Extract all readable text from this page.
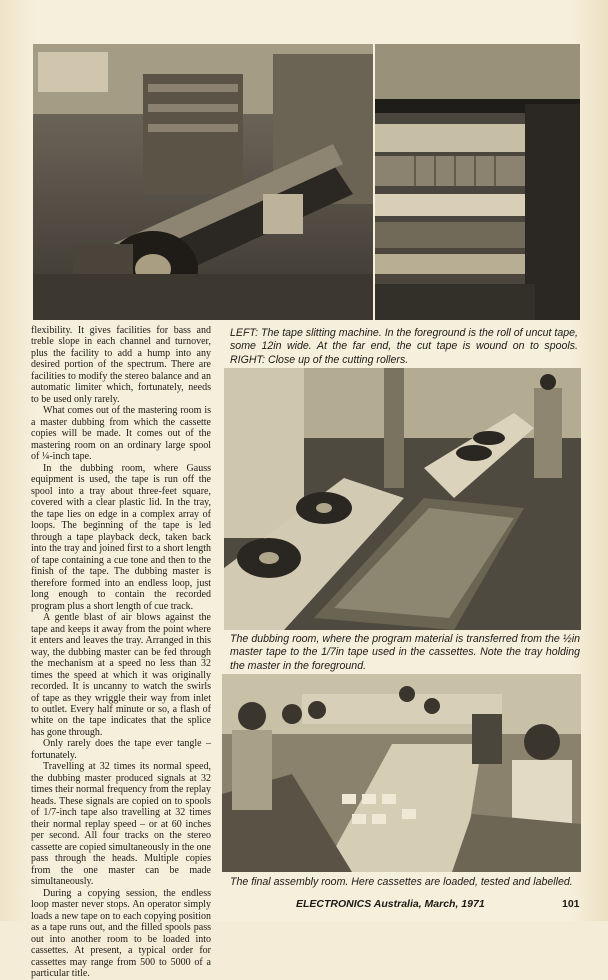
LEFT: The tape slitting machine. In the foreground is the roll of uncut tape, some 12in wide. At the far end, the cut tape is wound on to spools. RIGHT: Close up of the cutting rollers.

flexibility. It gives facilities for bass and treble slope in each channel and turnover, plus the facility to add a hump into any desired portion of the spectrum. There are facilities to modify the stereo balance and an automatic limiter which, fortunately, needs to be used only rarely.

What comes out of the mastering room is a master dubbing from which the cassette copies will be made. It comes out of the mastering room on an ordinary large spool of ¼-inch tape.

In the dubbing room, where Gauss equipment is used, the tape is run off the spool into a tray about three-feet square, covered with a clear plastic lid. In the tray, the tape lies on edge in a complex array of loops. The beginning of the tape is led through a tape playback deck, taken back into the tray and joined first to a short length of tape containing a cue tone and then to the finish of the tape. The dubbing master is therefore formed into an endless loop, just long enough to contain the recorded program plus a short length of cue track.

A gentle blast of air blows against the tape and keeps it away from the point where it enters and leaves the tray. Arranged in this way, the dubbing master can be fed through the mechanism at a speed no less than 32 times the speed at which it was originally recorded. It is uncanny to watch the swirls of tape as they wriggle their way from inlet to outlet. Every half minute or so, a flash of white on the tape indicates that the splice has gone through.

Only rarely does the tape ever tangle – fortunately.

Travelling at 32 times its normal speed, the dubbing master produced signals at 32 times their normal frequency from the replay heads. These signals are copied on to spools of 1/7-inch tape also travelling at 32 times their normal replay speed – or at 60 inches per second. All four tracks on the stereo cassette are copied simultaneously in the one pass through the heads. Multiple copies from the one master can be made simultaneously.

During a copying session, the endless loop master never stops. An operator simply loads a new tape on to each copying position as a tape runs out, and the filled spools pass out into another room to be loaded into cassettes. At present, a typical order for cassettes may range from 500 to 5000 of a particular title.

The dubbing room, where the program material is transferred from the ½in master tape to the 1/7in tape used in the cassettes. Note the tray holding the master in the foreground.
The final assembly room. Here cassettes are loaded, tested and labelled.
ELECTRONICS Australia, March, 1971	101
